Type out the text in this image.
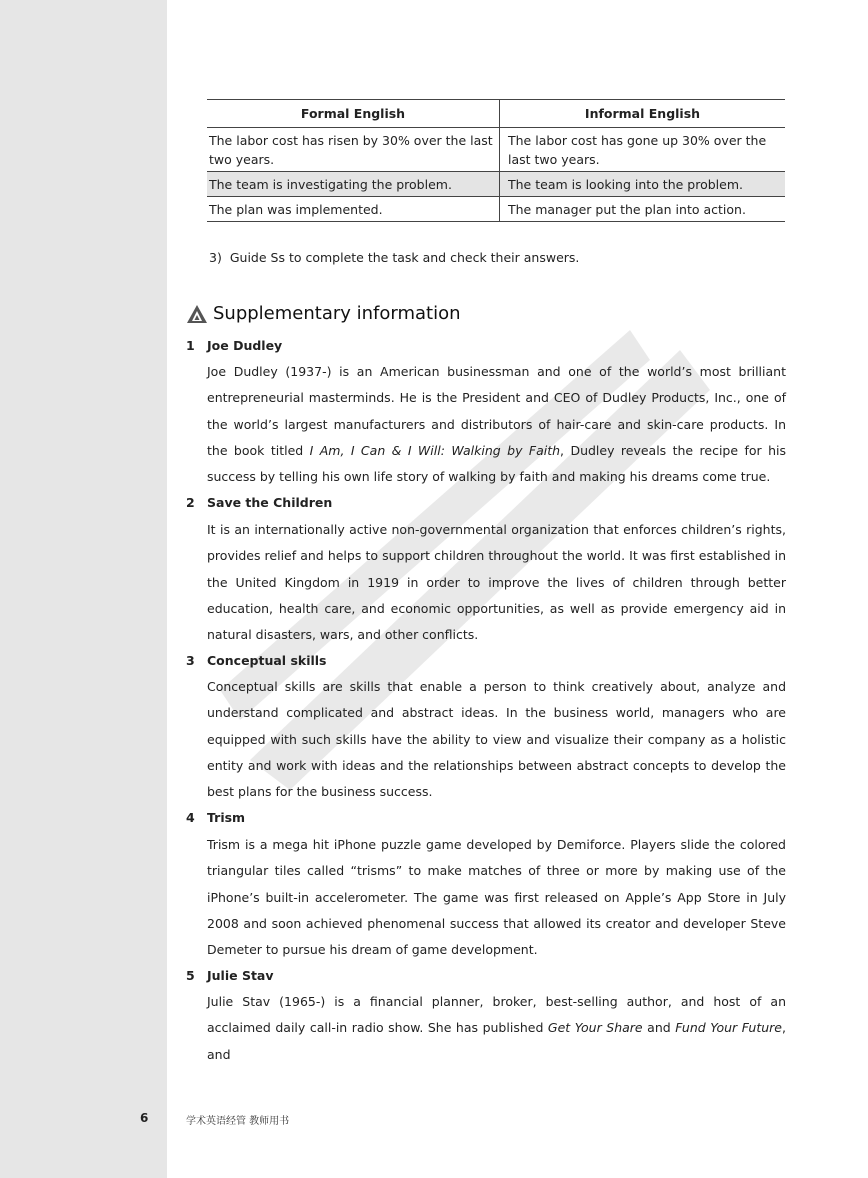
Formal English	Informal English
The labor cost has risen by 30% over the last two years.	The labor cost has gone up 30% over the last two years.
The team is investigating the problem.	The team is looking into the problem.
The plan was implemented.	The manager put the plan into action.
3) Guide Ss to complete the task and check their answers.
Supplementary information
1 Joe Dudley

Joe Dudley (1937-) is an American businessman and one of the world’s most brilliant entrepreneurial masterminds. He is the President and CEO of Dudley Products, Inc., one of the world’s largest manufacturers and distributors of hair-care and skin-care products. In the book titled I Am, I Can & I Will: Walking by Faith, Dudley reveals the recipe for his success by telling his own life story of walking by faith and making his dreams come true.

2 Save the Children

It is an internationally active non-governmental organization that enforces children’s rights, provides relief and helps to support children throughout the world. It was first established in the United Kingdom in 1919 in order to improve the lives of children through better education, health care, and economic opportunities, as well as provide emergency aid in natural disasters, wars, and other conflicts.

3 Conceptual skills

Conceptual skills are skills that enable a person to think creatively about, analyze and understand complicated and abstract ideas. In the business world, managers who are equipped with such skills have the ability to view and visualize their company as a holistic entity and work with ideas and the relationships between abstract concepts to develop the best plans for the business success.

4 Trism

Trism is a mega hit iPhone puzzle game developed by Demiforce. Players slide the colored triangular tiles called “trisms” to make matches of three or more by making use of the iPhone’s built-in accelerometer. The game was first released on Apple’s App Store in July 2008 and soon achieved phenomenal success that allowed its creator and developer Steve Demeter to pursue his dream of game development.

5 Julie Stav

Julie Stav (1965-) is a financial planner, broker, best-selling author, and host of an acclaimed daily call-in radio show. She has published Get Your Share and Fund Your Future, and

6	学术英语经管 教师用书
